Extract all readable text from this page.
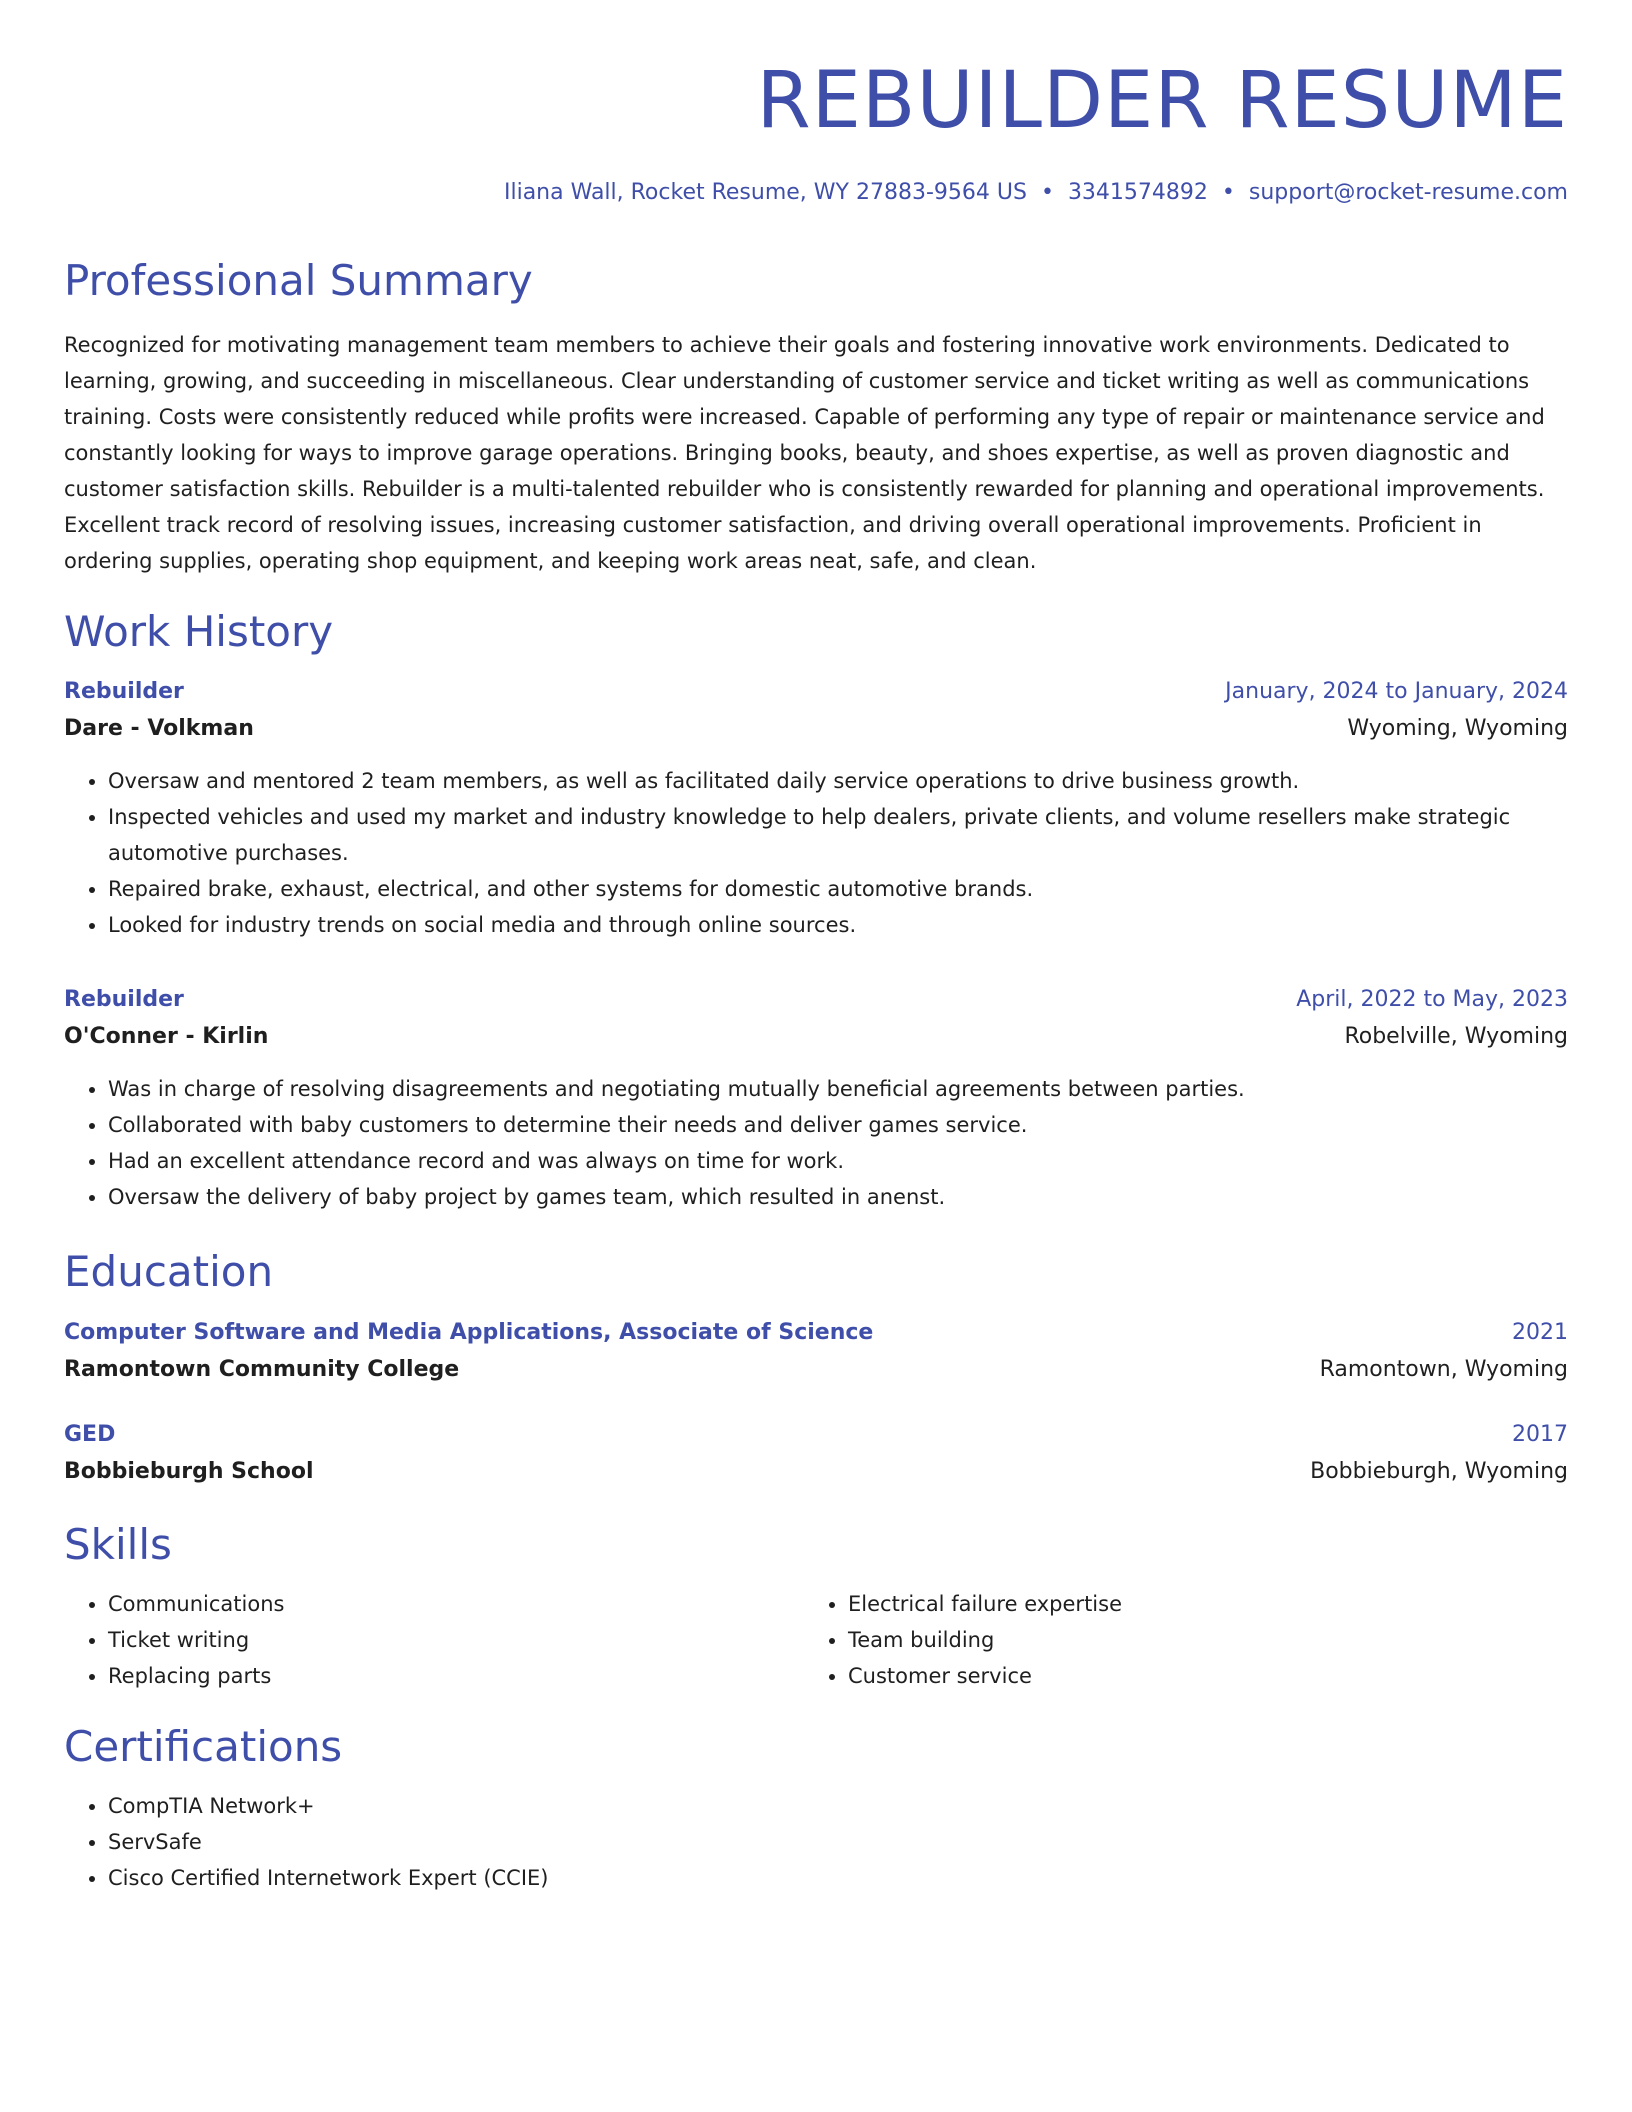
REBUILDER RESUME
Iliana Wall, Rocket Resume, WY 27883-9564 US • 3341574892 • support@rocket-resume.com
Professional Summary

Recognized for motivating management team members to achieve their goals and fostering innovative work environments. Dedicated to learning, growing, and succeeding in miscellaneous. Clear understanding of customer service and ticket writing as well as communications training. Costs were consistently reduced while profits were increased. Capable of performing any type of repair or maintenance service and constantly looking for ways to improve garage operations. Bringing books, beauty, and shoes expertise, as well as proven diagnostic and customer satisfaction skills. Rebuilder is a multi-talented rebuilder who is consistently rewarded for planning and operational improvements. Excellent track record of resolving issues, increasing customer satisfaction, and driving overall operational improvements. Proficient in ordering supplies, operating shop equipment, and keeping work areas neat, safe, and clean.

Work History
Rebuilder	January, 2024 to January, 2024
Dare - Volkman	Wyoming, Wyoming
• Oversaw and mentored 2 team members, as well as facilitated daily service operations to drive business growth.
• Inspected vehicles and used my market and industry knowledge to help dealers, private clients, and volume resellers make strategic automotive purchases.
• Repaired brake, exhaust, electrical, and other systems for domestic automotive brands.
• Looked for industry trends on social media and through online sources.
Rebuilder	April, 2022 to May, 2023
O'Conner - Kirlin	Robelville, Wyoming
• Was in charge of resolving disagreements and negotiating mutually beneficial agreements between parties.
• Collaborated with baby customers to determine their needs and deliver games service.
• Had an excellent attendance record and was always on time for work.
• Oversaw the delivery of baby project by games team, which resulted in anenst.
Education
Computer Software and Media Applications, Associate of Science	2021
Ramontown Community College	Ramontown, Wyoming
GED	2017
Bobbieburgh School	Bobbieburgh, Wyoming
Skills
• Communications
• Ticket writing
• Replacing parts
• Electrical failure expertise
• Team building
• Customer service
Certifications
• CompTIA Network+
• ServSafe
• Cisco Certified Internetwork Expert (CCIE)
